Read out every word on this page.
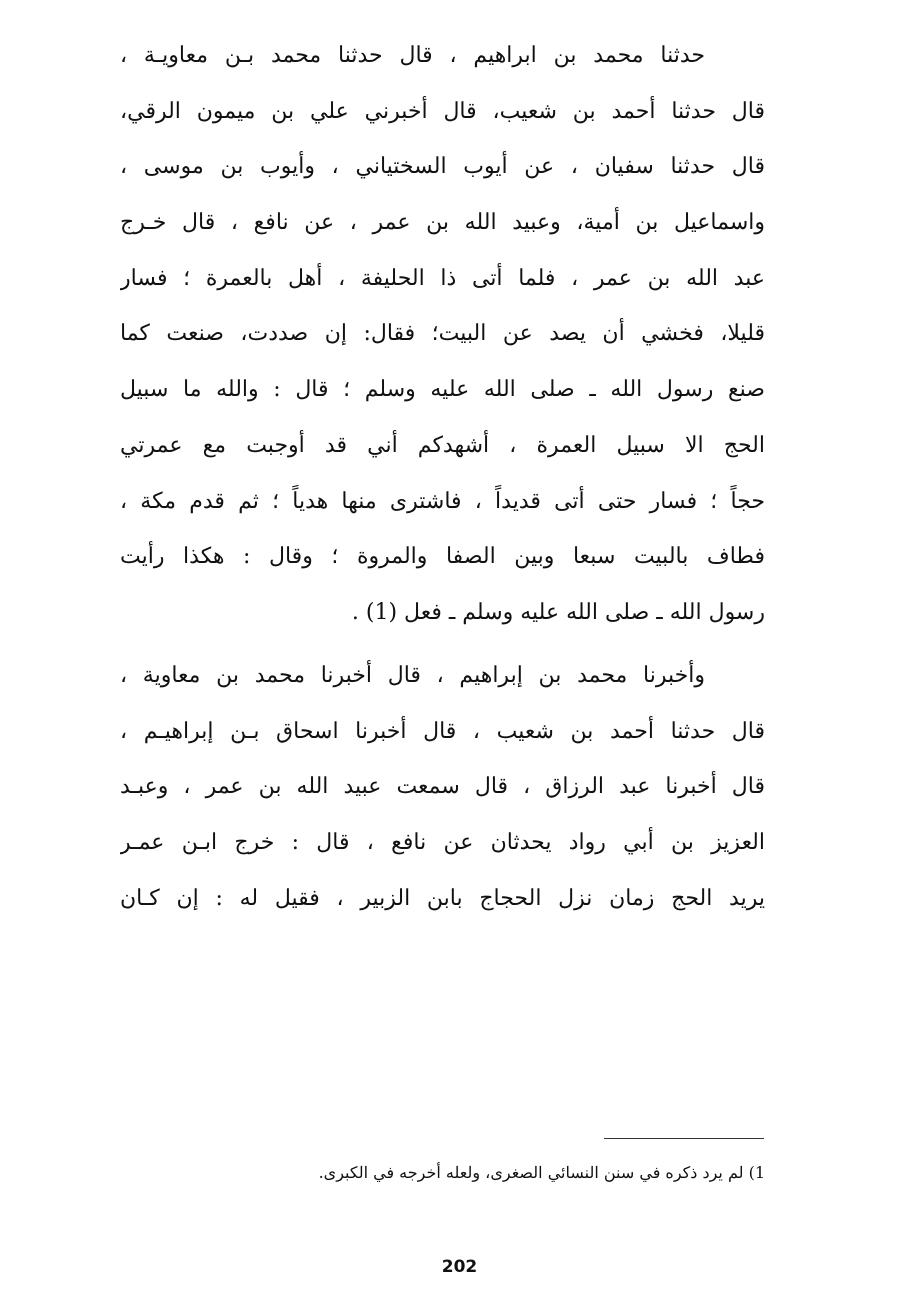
حدثنا محمد بن ابراهيم ، قال حدثنا محمد بـن معاويـة ،
قال حدثنا أحمد بن شعيب، قال أخبرني علي بن ميمون الرقي،
قال حدثنا سفيان ، عن أيوب السختياني ، وأيوب بن موسى ،
واسماعيل بن أمية، وعبيد الله بن عمر ، عن نافع ، قال خـرج
عبد الله بن عمر ، فلما أتى ذا الحليفة ، أهل بالعمرة ؛ فسار
قليلا، فخشي أن يصد عن البيت؛ فقال: إن صددت، صنعت كما
صنع رسول الله ـ صلى الله عليه وسلم ؛ قال : والله ما سبيل
الحج الا سبيل العمرة ، أشهدكم أني قد أوجبت مع عمرتي
حجاً ؛ فسار حتى أتى قديداً ، فاشترى منها هدياً ؛ ثم قدم مكة ،
فطاف بالبيت سبعا وبين الصفا والمروة ؛ وقال : هكذا رأيت
رسول الله ـ صلى الله عليه وسلم ـ فعل (1) .
وأخبرنا محمد بن إبراهيم ، قال أخبرنا محمد بن معاوية ،
قال حدثنا أحمد بن شعيب ، قال أخبرنا اسحاق بـن إبراهيـم ،
قال أخبرنا عبد الرزاق ، قال سمعت عبيد الله بن عمر ، وعبـد
العزيز بن أبي رواد يحدثان عن نافع ، قال : خرج ابـن عمـر
يريد الحج زمان نزل الحجاج بابن الزبير ، فقيل له : إن كـان
1) لم يرد ذكره في سنن النسائي الصغرى، ولعله أخرجه في الكبرى.
202
